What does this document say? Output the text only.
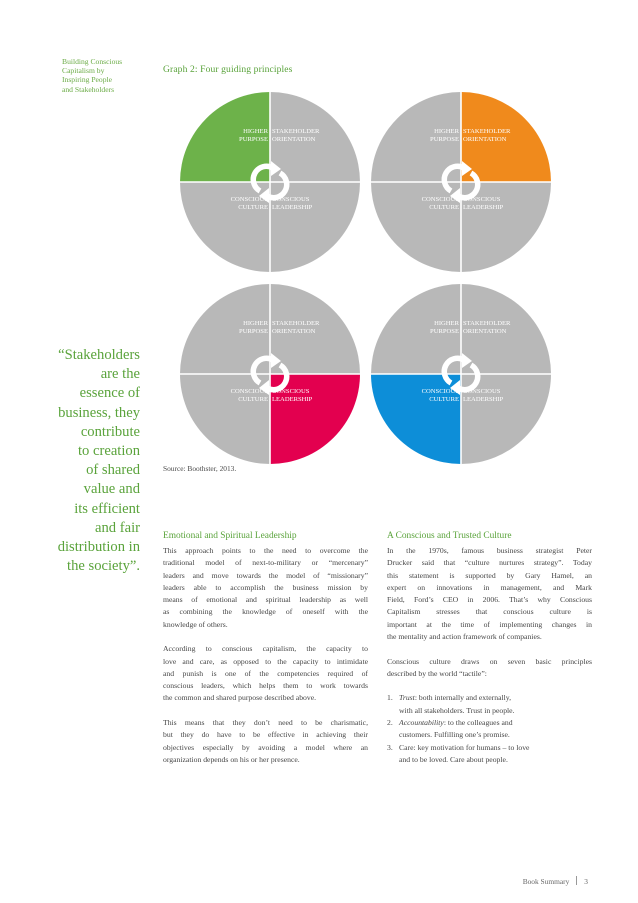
Building Conscious
Capitalism by
Inspiring People
and Stakeholders
Graph 2: Four guiding principles
HIGHER
PURPOSE
STAKEHOLDER
ORIENTATION
CONSCIOUS
CULTURE
CONSCIOUS
LEADERSHIP
HIGHER
PURPOSE
STAKEHOLDER
ORIENTATION
CONSCIOUS
CULTURE
CONSCIOUS
LEADERSHIP
HIGHER
PURPOSE
STAKEHOLDER
ORIENTATION
CONSCIOUS
CULTURE
CONSCIOUS
LEADERSHIP
HIGHER
PURPOSE
STAKEHOLDER
ORIENTATION
CONSCIOUS
CULTURE
CONSCIOUS
LEADERSHIP
Source: Boothster, 2013.
“Stakeholders
are the
essence of
business, they
contribute
to creation
of shared
value and
its efficient
and fair
distribution in
the society”.
Emotional and Spiritual Leadership

This approach points to the need to overcome the
traditional model of next-to-military or “mercenary”
leaders and move towards the model of “missionary”
leaders able to accomplish the business mission by
means of emotional and spiritual leadership as well
as combining the knowledge of oneself with the
knowledge of others.

According to conscious capitalism, the capacity to
love and care, as opposed to the capacity to intimidate
and punish is one of the competencies required of
conscious leaders, which helps them to work towards
the common and shared purpose described above.

This means that they don’t need to be charismatic,
but they do have to be effective in achieving their
objectives especially by avoiding a model where an
organization depends on his or her presence.

A Conscious and Trusted Culture

In the 1970s, famous business strategist Peter
Drucker said that “culture nurtures strategy”. Today
this statement is supported by Gary Hamel, an
expert on innovations in management, and Mark
Field, Ford’s CEO in 2006. That’s why Conscious
Capitalism stresses that conscious culture is
important at the time of implementing changes in
the mentality and action framework of companies.

Conscious culture draws on seven basic principles
described by the world “tactile”:

1. Trust: both internally and externally,
with all stakeholders. Trust in people.
2. Accountability: to the colleagues and
customers. Fulfilling one’s promise.
3. Care: key motivation for humans – to love
and to be loved. Care about people.
Book Summary 3
